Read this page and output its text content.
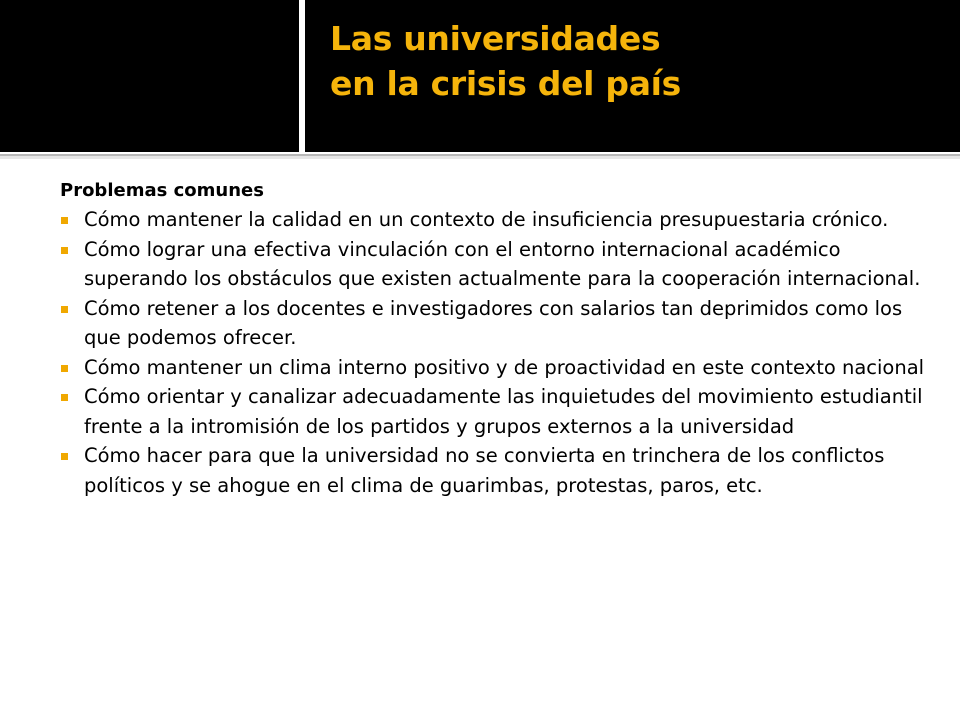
Las universidades
en la crisis del país

Problemas comunes

Cómo mantener la calidad en un contexto de insuficiencia presupuestaria crónico.
Cómo lograr una efectiva vinculación con el entorno internacional académico superando los obstáculos que existen actualmente para la cooperación internacional.
Cómo retener a los docentes e investigadores con salarios tan deprimidos como los que podemos ofrecer.
Cómo mantener un clima interno positivo y de proactividad en este contexto nacional
Cómo orientar y canalizar adecuadamente las inquietudes del movimiento estudiantil frente a la intromisión de los partidos y grupos externos a la universidad
Cómo hacer para que la universidad no se convierta en trinchera de los conflictos políticos y se ahogue en el clima de guarimbas, protestas, paros, etc.
